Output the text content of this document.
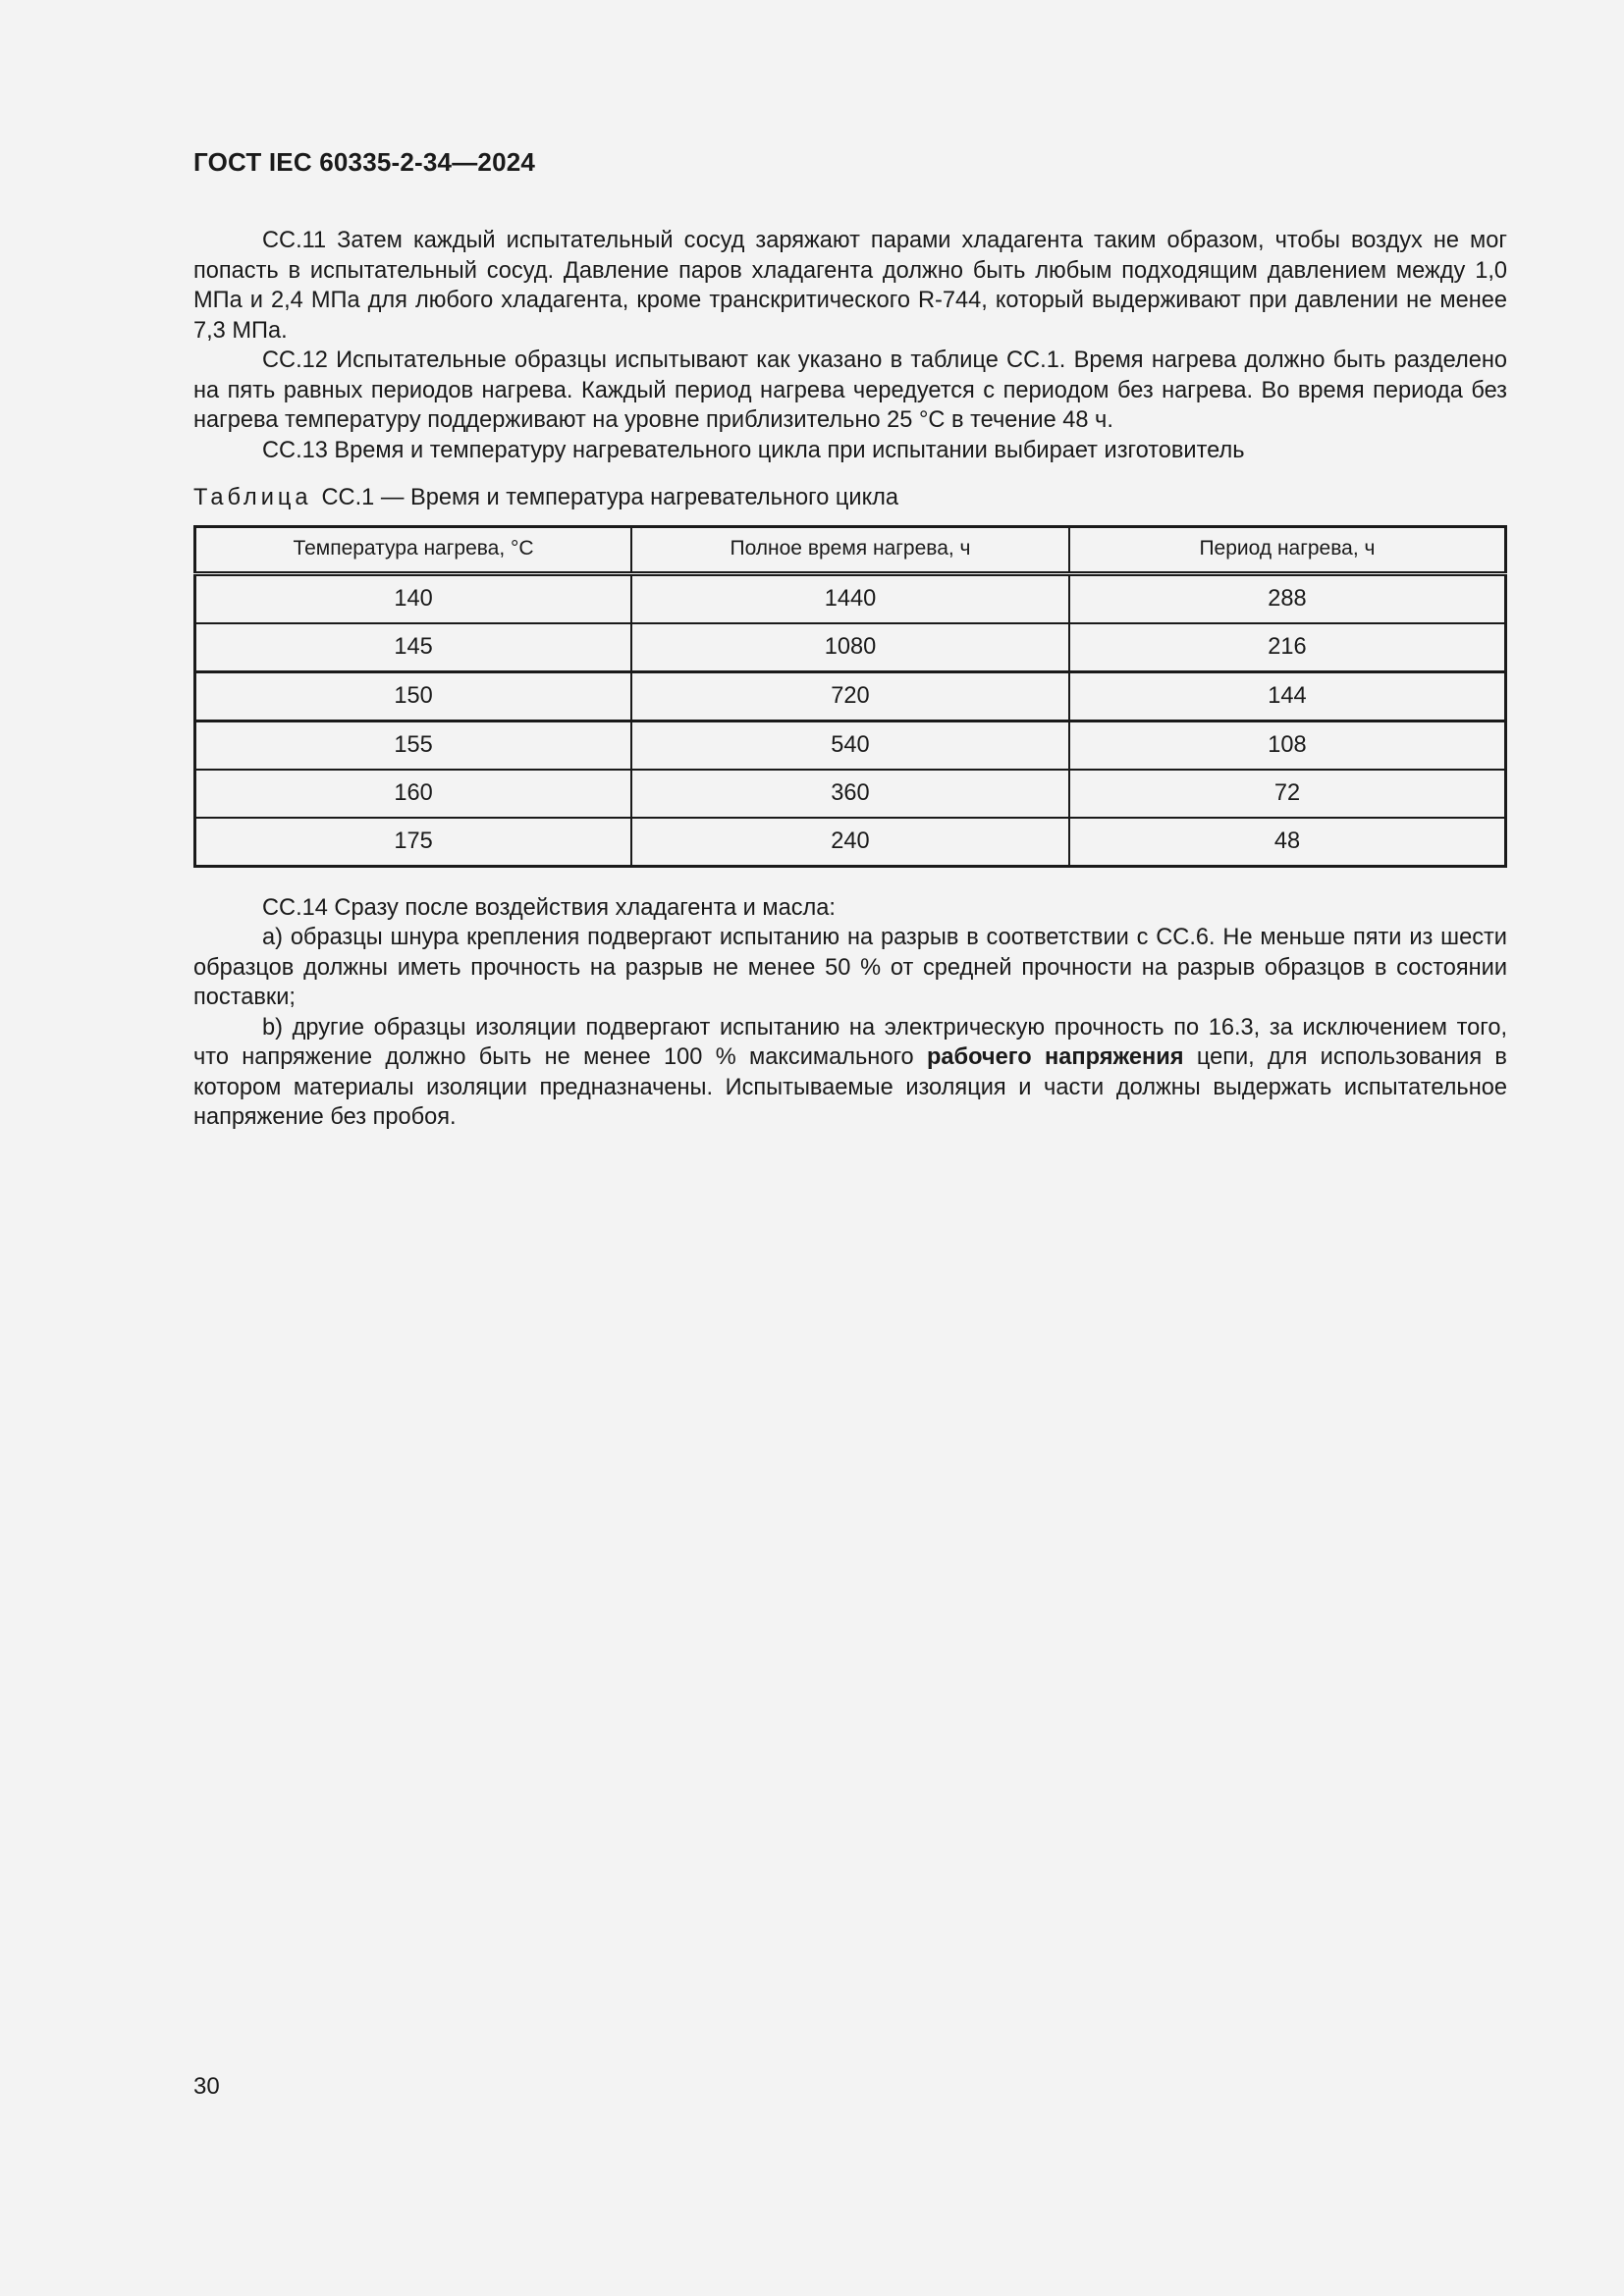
ГОСТ IEC 60335-2-34—2024

CC.11 Затем каждый испытательный сосуд заряжают парами хладагента таким образом, чтобы воздух не мог попасть в испытательный сосуд. Давление паров хладагента должно быть любым подходящим давлением между 1,0 МПа и 2,4 МПа для любого хладагента, кроме транскритического R-744, который выдерживают при давлении не менее 7,3 МПа.

CC.12 Испытательные образцы испытывают как указано в таблице CC.1. Время нагрева должно быть разделено на пять равных периодов нагрева. Каждый период нагрева чередуется с периодом без нагрева. Во время периода без нагрева температуру поддерживают на уровне приблизительно 25 °С в течение 48 ч.

CC.13 Время и температуру нагревательного цикла при испытании выбирает изготовитель

Таблица CC.1 — Время и температура нагревательного цикла
Температура нагрева, °С	Полное время нагрева, ч	Период нагрева, ч
140	1440	288
145	1080	216
150	720	144
155	540	108
160	360	72
175	240	48

CC.14 Сразу после воздействия хладагента и масла:

a) образцы шнура крепления подвергают испытанию на разрыв в соответствии с CC.6. Не меньше пяти из шести образцов должны иметь прочность на разрыв не менее 50 % от средней прочности на разрыв образцов в состоянии поставки;

b) другие образцы изоляции подвергают испытанию на электрическую прочность по 16.3, за исключением того, что напряжение должно быть не менее 100 % максимального рабочего напряжения цепи, для использования в котором материалы изоляции предназначены. Испытываемые изоляция и части должны выдержать испытательное напряжение без пробоя.

30
